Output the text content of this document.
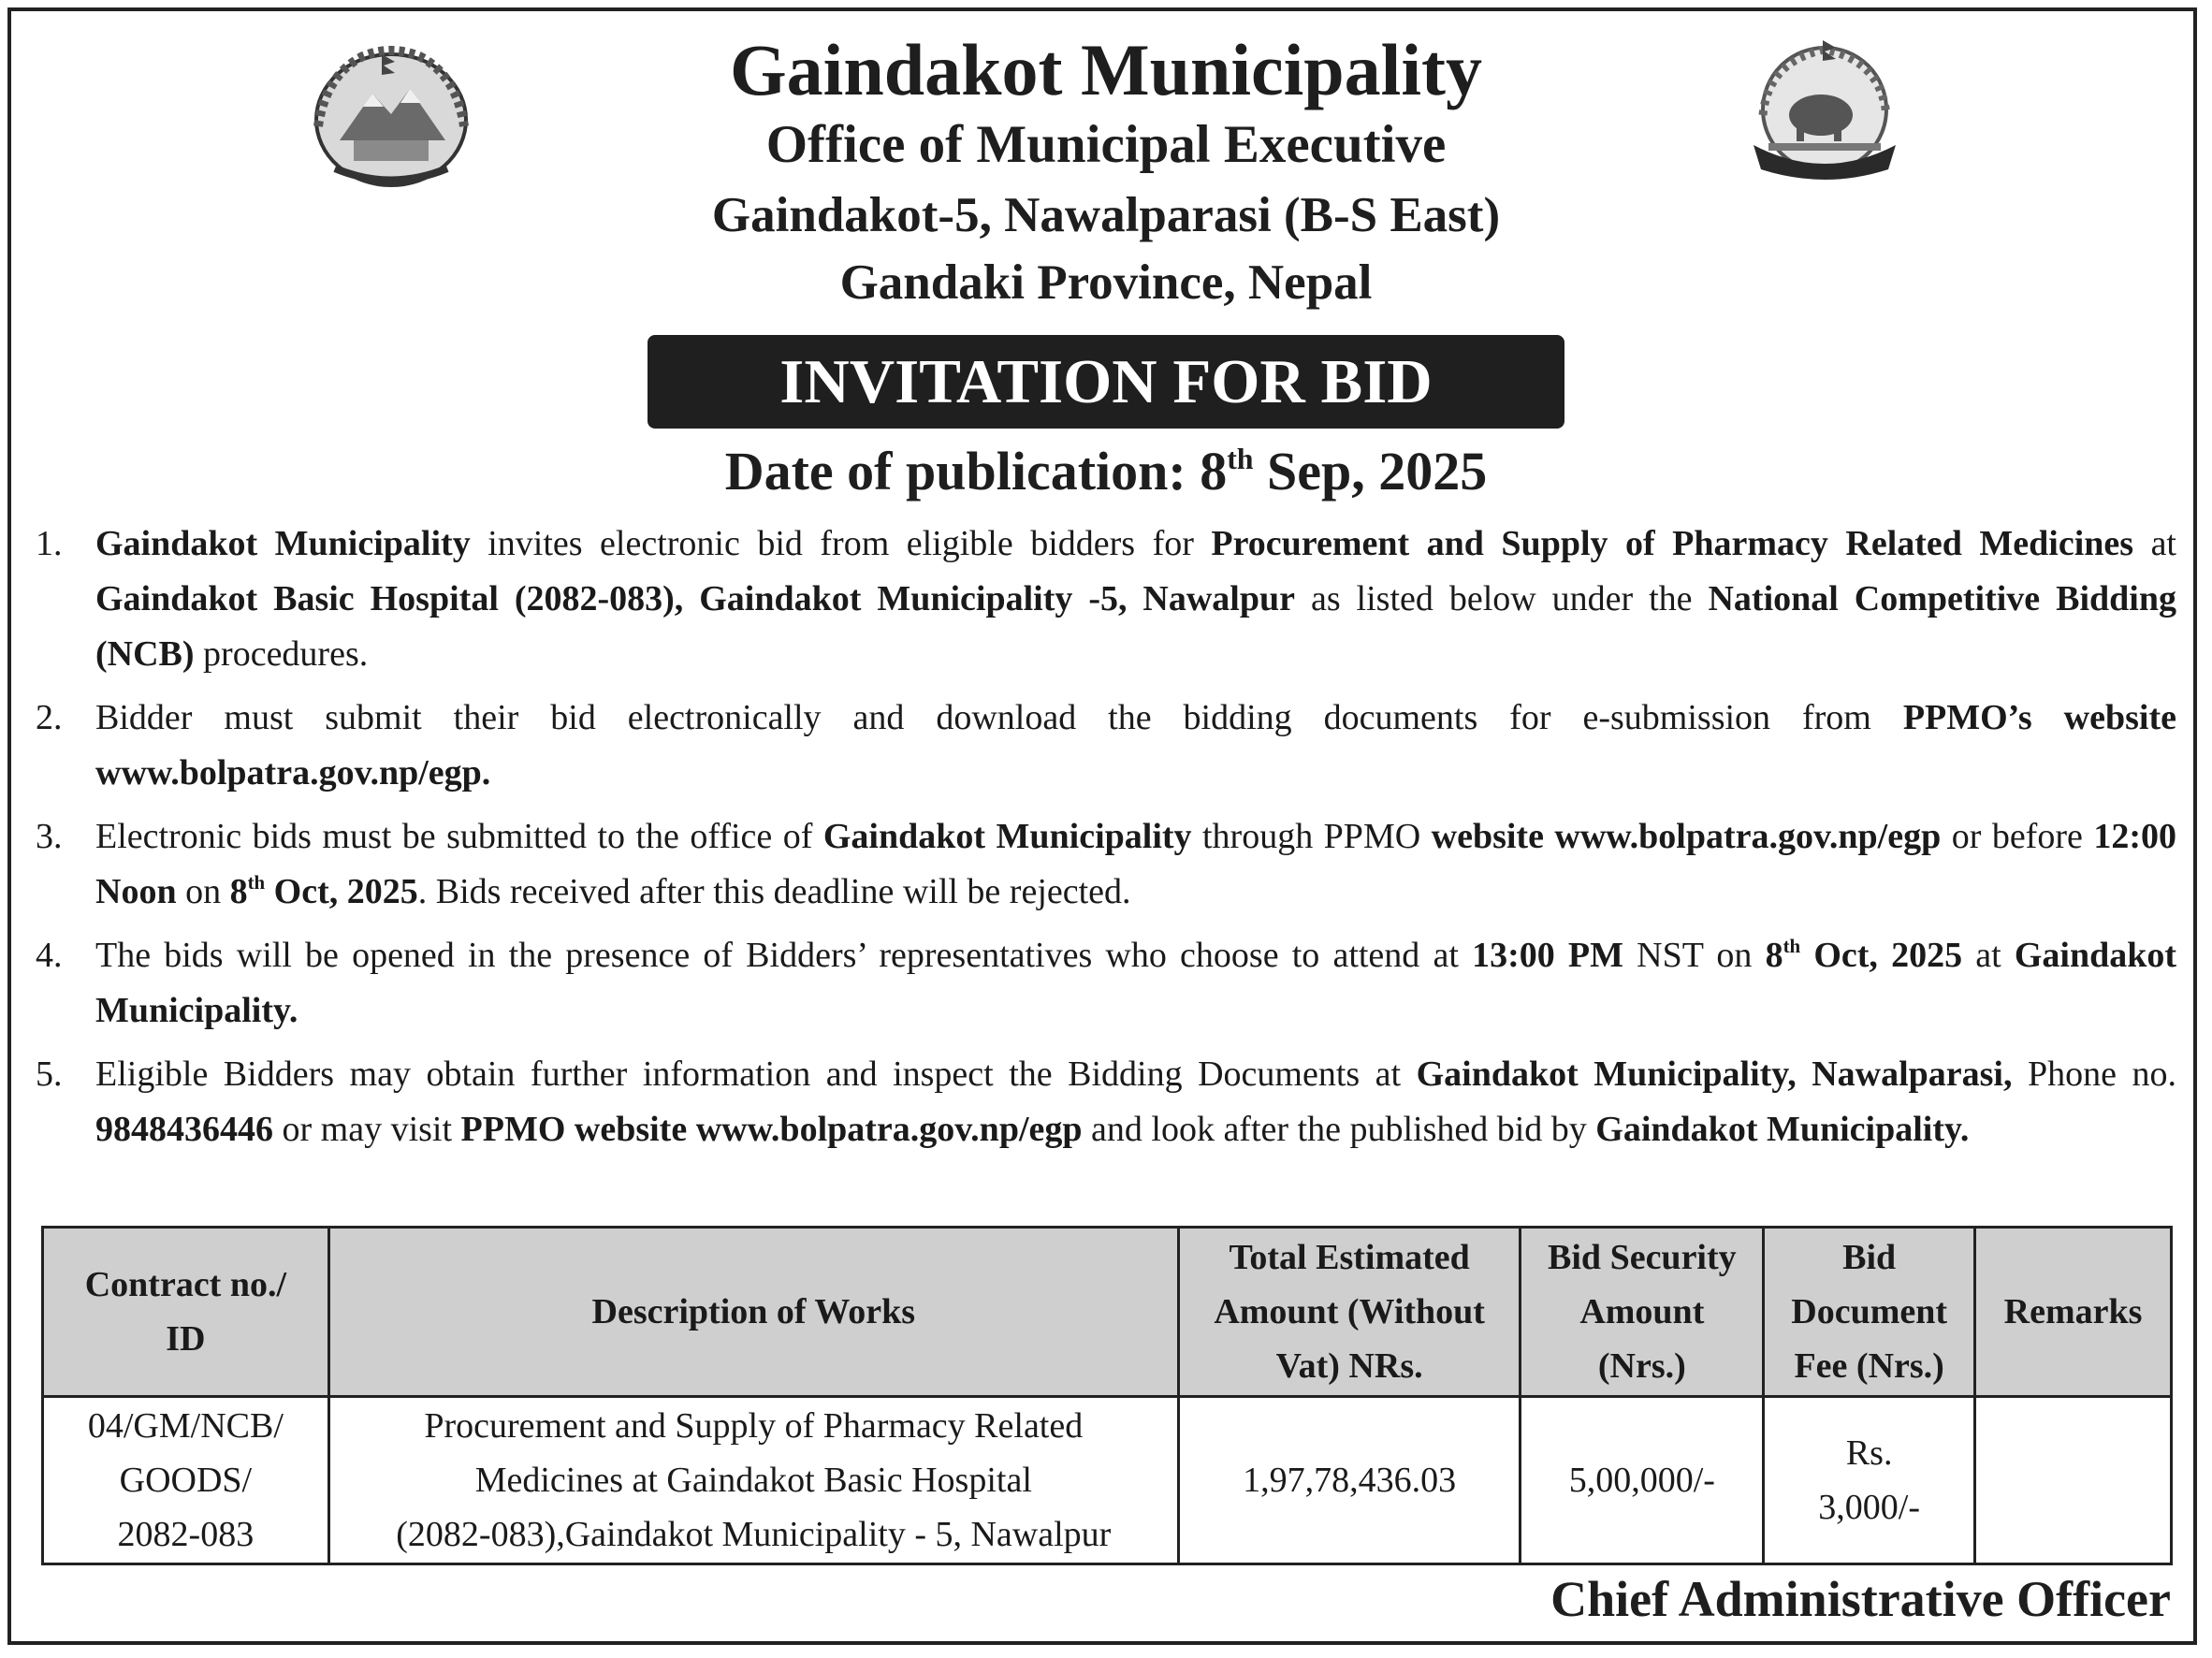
Gaindakot Municipality
Office of Municipal Executive
Gaindakot-5, Nawalparasi (B-S East)
Gandaki Province, Nepal
INVITATION FOR BID
Date of publication: 8th Sep, 2025
1. Gaindakot Municipality invites electronic bid from eligible bidders for Procurement and Supply of Pharmacy Related Medicines at Gaindakot Basic Hospital (2082-083), Gaindakot Municipality -5, Nawalpur as listed below under the National Competitive Bidding (NCB) procedures.
2. Bidder must submit their bid electronically and download the bidding documents for e-submission from PPMO’s website www.bolpatra.gov.np/egp.
3. Electronic bids must be submitted to the office of Gaindakot Municipality through PPMO website www.bolpatra.gov.np/egp or before 12:00 Noon on 8th Oct, 2025. Bids received after this deadline will be rejected.
4. The bids will be opened in the presence of Bidders’ representatives who choose to attend at 13:00 PM NST on 8th Oct, 2025 at Gaindakot Municipality.
5. Eligible Bidders may obtain further information and inspect the Bidding Documents at Gaindakot Municipality, Nawalparasi, Phone no. 9848436446 or may visit PPMO website www.bolpatra.gov.np/egp and look after the published bid by Gaindakot Municipality.
Contract no./
ID	Description of Works	Total Estimated
Amount (Without
Vat) NRs.	Bid Security
Amount
(Nrs.)	Bid
Document
Fee (Nrs.)	Remarks
04/GM/NCB/
GOODS/
2082-083	Procurement and Supply of Pharmacy Related
Medicines at Gaindakot Basic Hospital
(2082-083),Gaindakot Municipality - 5, Nawalpur	1,97,78,436.03	5,00,000/-	Rs.
3,000/-	
Chief Administrative Officer
